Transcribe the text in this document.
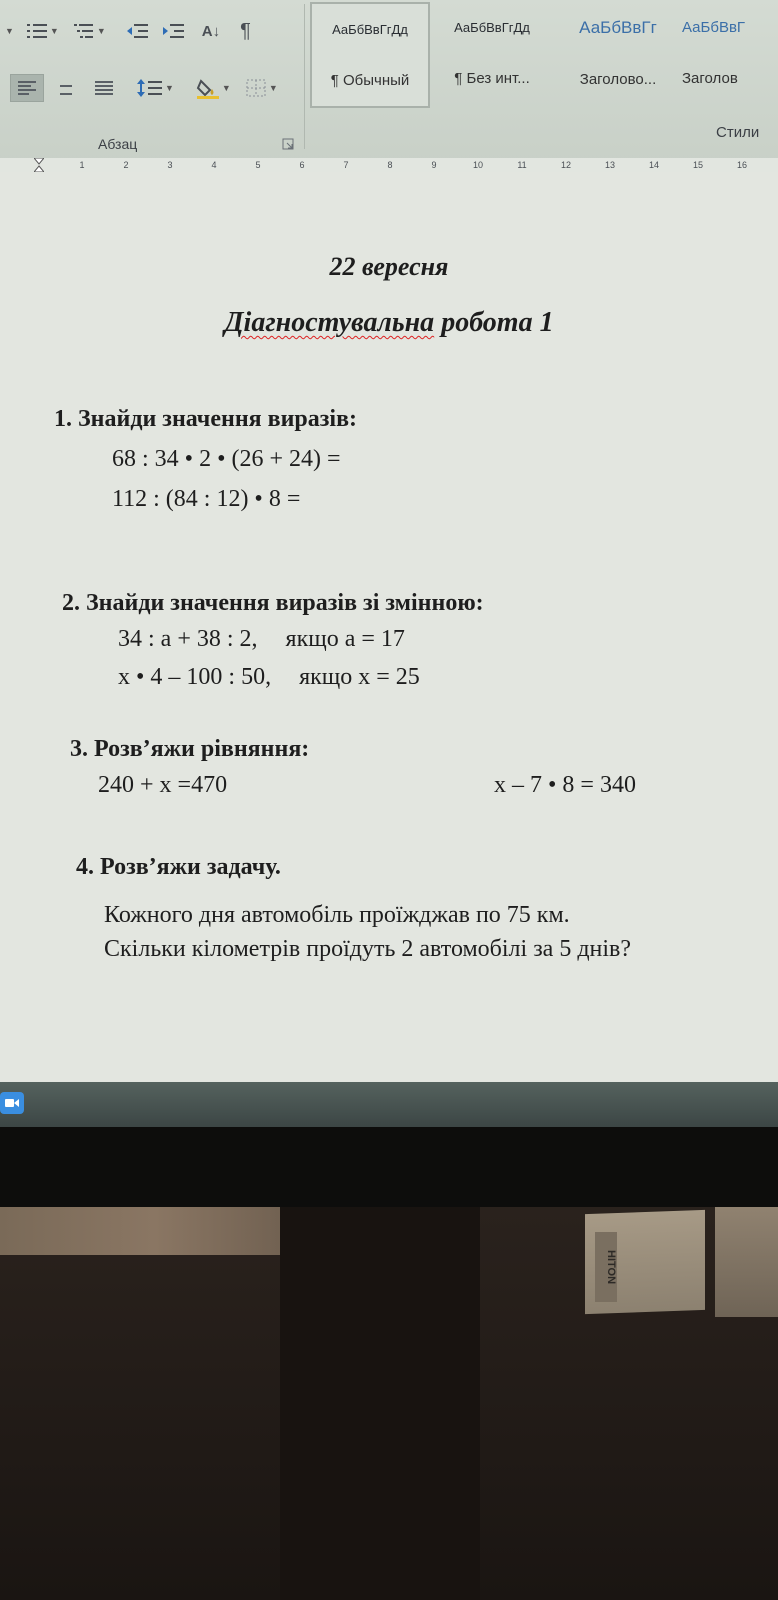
▼	▼	▼	A↓ ¶
▼	▼	▼
Абзац
АаБбВвГгДд
¶ Обычный
АаБбВвГгДд
¶ Без инт...
АаБбВвГг
Заголово...
АаБбВвГ
Заголов
Стили
1	2	3	4	5	6	7	8	9	10	11	12	13	14	15	16
22 вересня
Діагностувальна робота 1
1. Знайди значення виразів:
68 : 34 • 2 • (26 + 24) =
112 : (84 : 12) • 8 =
2. Знайди значення виразів зі змінною:
34 : a + 38 : 2, якщо а = 17
x • 4 – 100 : 50, якщо x = 25
3. Розв’яжи рівняння:
240 + x =470	x – 7 • 8 = 340
4. Розв’яжи задачу.
Кожного дня автомобіль проїжджав по 75 км.
Скільки кілометрів проїдуть 2 автомобілі за 5 днів?
HITON
